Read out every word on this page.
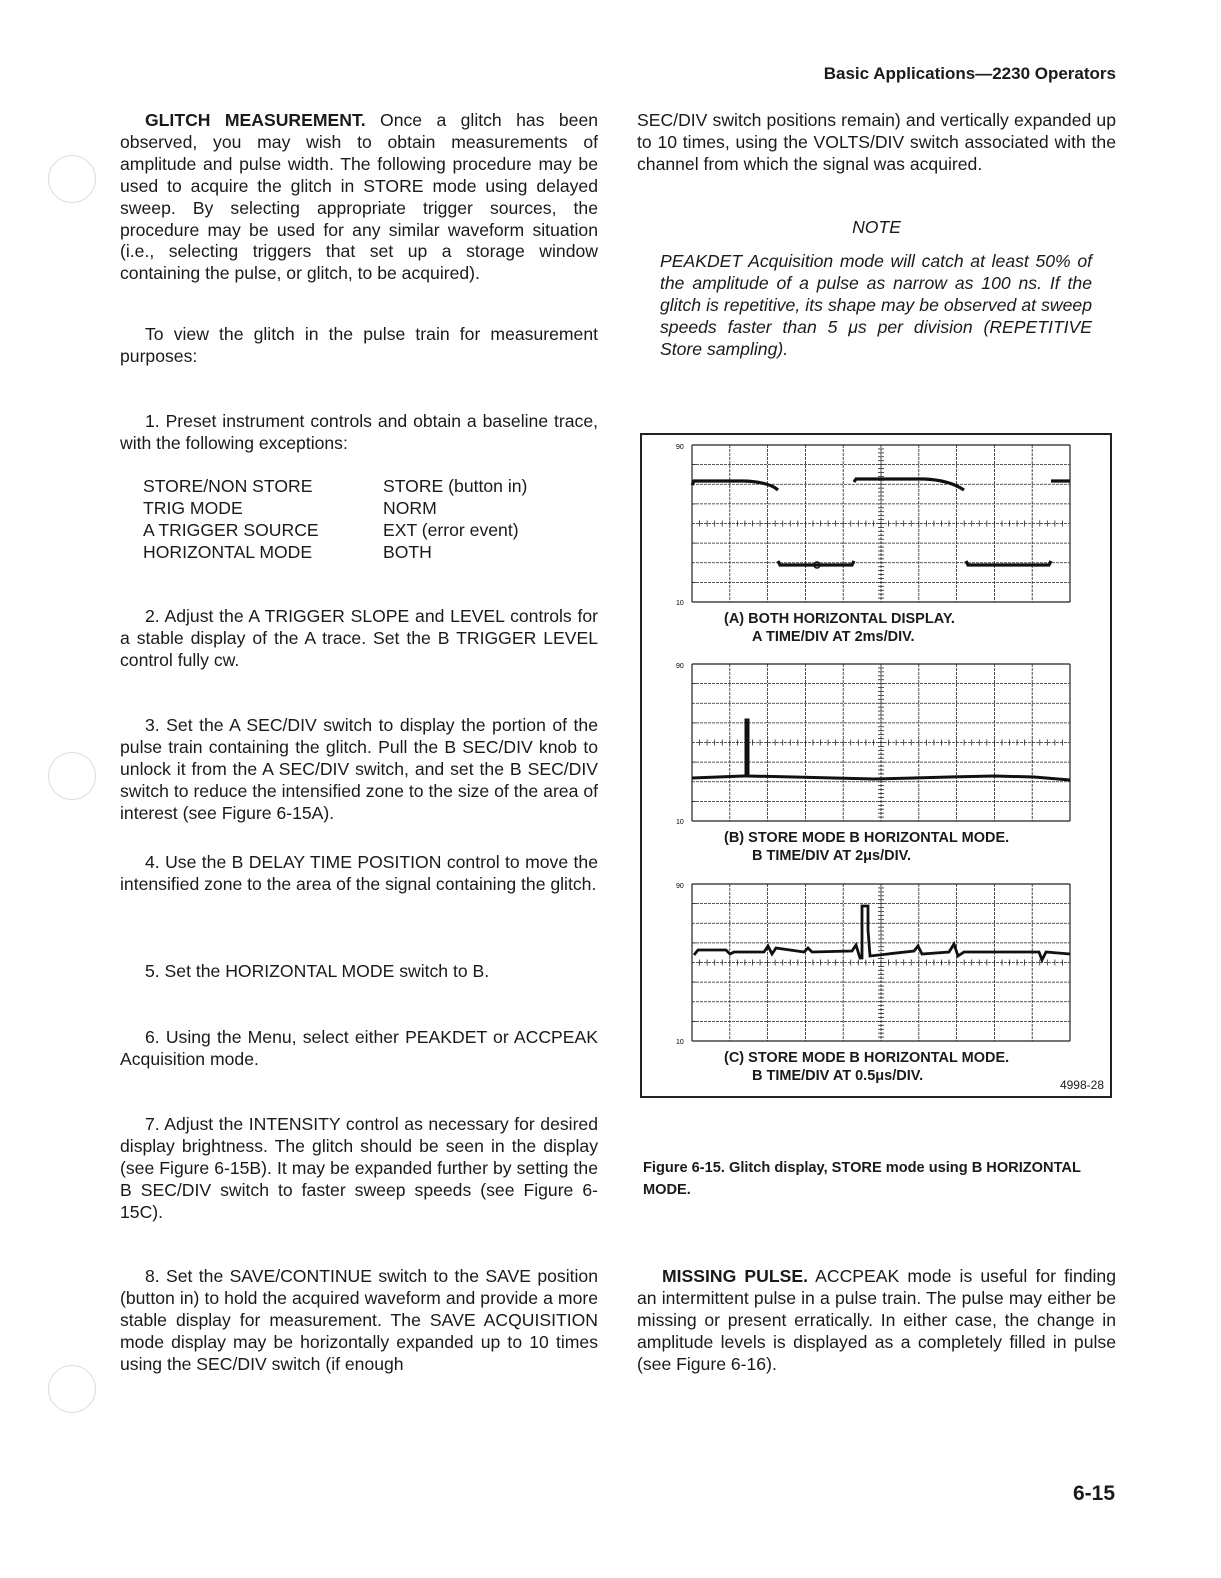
Basic Applications—2230 Operators

GLITCH MEASUREMENT. Once a glitch has been observed, you may wish to obtain measurements of amplitude and pulse width. The following procedure may be used to acquire the glitch in STORE mode using delayed sweep. By selecting appropriate trigger sources, the procedure may be used for any similar waveform situation (i.e., selecting triggers that set up a storage window containing the pulse, or glitch, to be acquired).

To view the glitch in the pulse train for measurement purposes:

1. Preset instrument controls and obtain a baseline trace, with the following exceptions:

STORE/NON STORE	STORE (button in)
TRIG MODE	NORM
A TRIGGER SOURCE	EXT (error event)
HORIZONTAL MODE	BOTH

2. Adjust the A TRIGGER SLOPE and LEVEL controls for a stable display of the A trace. Set the B TRIGGER LEVEL control fully cw.

3. Set the A SEC/DIV switch to display the portion of the pulse train containing the glitch. Pull the B SEC/DIV knob to unlock it from the A SEC/DIV switch, and set the B SEC/DIV switch to reduce the intensified zone to the size of the area of interest (see Figure 6-15A).

4. Use the B DELAY TIME POSITION control to move the intensified zone to the area of the signal containing the glitch.

5. Set the HORIZONTAL MODE switch to B.

6. Using the Menu, select either PEAKDET or ACCPEAK Acquisition mode.

7. Adjust the INTENSITY control as necessary for desired display brightness. The glitch should be seen in the display (see Figure 6-15B). It may be expanded further by setting the B SEC/DIV switch to faster sweep speeds (see Figure 6-15C).

8. Set the SAVE/CONTINUE switch to the SAVE position (button in) to hold the acquired waveform and provide a more stable display for measurement. The SAVE ACQUISITION mode display may be horizontally expanded up to 10 times using the SEC/DIV switch (if enough

SEC/DIV switch positions remain) and vertically expanded up to 10 times, using the VOLTS/DIV switch associated with the channel from which the signal was acquired.

NOTE

PEAKDET Acquisition mode will catch at least 50% of the amplitude of a pulse as narrow as 100 ns. If the glitch is repetitive, its shape may be observed at sweep speeds faster than 5 μs per division (REPETITIVE Store sampling).

90
10
(A) BOTH HORIZONTAL DISPLAY.
A TIME/DIV AT 2ms/DIV.
90
10
(B) STORE MODE B HORIZONTAL MODE.
B TIME/DIV AT 2μs/DIV.
90
10
(C) STORE MODE B HORIZONTAL MODE.
B TIME/DIV AT 0.5μs/DIV.
4998-28
Figure 6-15. Glitch display, STORE mode using B HORIZONTAL MODE.

MISSING PULSE. ACCPEAK mode is useful for finding an intermittent pulse in a pulse train. The pulse may either be missing or present erratically. In either case, the change in amplitude levels is displayed as a completely filled in pulse (see Figure 6-16).

6-15
